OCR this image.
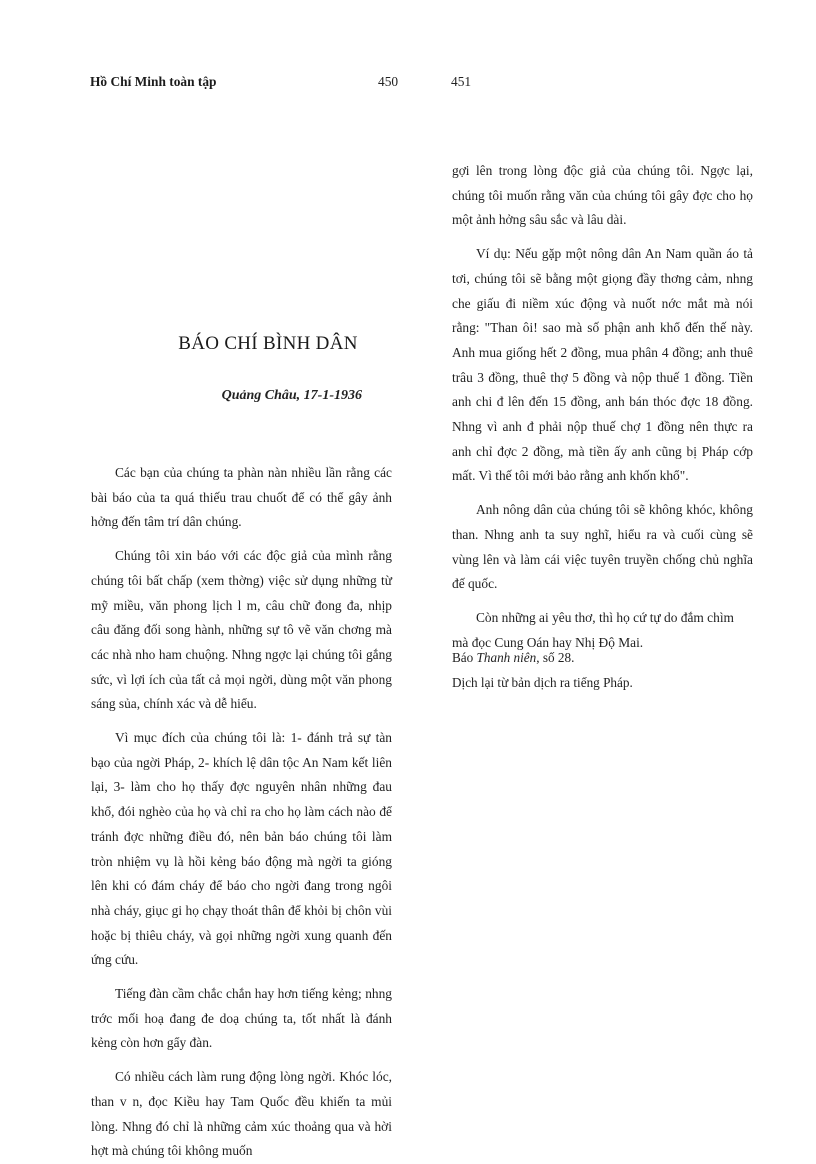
Hồ Chí Minh toàn tập	450	451
BÁO CHÍ BÌNH DÂN
Quảng Châu, 17-1-1936

Các bạn của chúng ta phàn nàn nhiều lần rằng các bài báo của ta quá thiếu trau chuốt để có thể gây ảnh hởng đến tâm trí dân chúng.

Chúng tôi xin báo với các độc giả của mình rằng chúng tôi bất chấp (xem thờng) việc sử dụng những từ mỹ miều, văn phong lịch l m, câu chữ đong đa, nhịp câu đăng đối song hành, những sự tô vẽ văn chơng mà các nhà nho ham chuộng. Nhng ngợc lại chúng tôi gắng sức, vì lợi ích của tất cả mọi ngời, dùng một văn phong sáng sủa, chính xác và dễ hiểu.

Vì mục đích của chúng tôi là: 1- đánh trả sự tàn bạo của ngời Pháp, 2- khích lệ dân tộc An Nam kết liên lại, 3- làm cho họ thấy đợc nguyên nhân những đau khổ, đói nghèo của họ và chỉ ra cho họ làm cách nào để tránh đợc những điều đó, nên bản báo chúng tôi làm tròn nhiệm vụ là hồi kẻng báo động mà ngời ta gióng lên khi có đám cháy để báo cho ngời đang trong ngôi nhà cháy, giục gi họ chạy thoát thân để khỏi bị chôn vùi hoặc bị thiêu cháy, và gọi những ngời xung quanh đến ứng cứu.

Tiếng đàn cầm chắc chắn hay hơn tiếng kẻng; nhng trớc mối hoạ đang đe doạ chúng ta, tốt nhất là đánh kẻng còn hơn gẩy đàn.

Có nhiều cách làm rung động lòng ngời. Khóc lóc, than v n, đọc Kiều hay Tam Quốc đều khiến ta mủi lòng. Nhng đó chỉ là những cảm xúc thoảng qua và hời hợt mà chúng tôi không muốn

gợi lên trong lòng độc giả của chúng tôi. Ngợc lại, chúng tôi muốn rằng văn của chúng tôi gây đợc cho họ một ảnh hởng sâu sắc và lâu dài.

Ví dụ: Nếu gặp một nông dân An Nam quần áo tả tơi, chúng tôi sẽ bằng một giọng đầy thơng cảm, nhng che giấu đi niềm xúc động và nuốt nớc mắt mà nói rằng: "Than ôi! sao mà số phận anh khổ đến thế này. Anh mua giống hết 2 đồng, mua phân 4 đồng; anh thuê trâu 3 đồng, thuê thợ 5 đồng và nộp thuế 1 đồng. Tiền anh chi đ lên đến 15 đồng, anh bán thóc đợc 18 đồng. Nhng vì anh đ phải nộp thuế chợ 1 đồng nên thực ra anh chỉ đợc 2 đồng, mà tiền ấy anh cũng bị Pháp cớp mất. Vì thế tôi mới bảo rằng anh khốn khổ".

Anh nông dân của chúng tôi sẽ không khóc, không than. Nhng anh ta suy nghĩ, hiểu ra và cuối cùng sẽ vùng lên và làm cái việc tuyên truyền chống chủ nghĩa đế quốc.

Còn những ai yêu thơ, thì họ cứ tự do đắm chìm mà đọc Cung Oán hay Nhị Độ Mai.

Báo Thanh niên, số 28.
Dịch lại từ bản dịch ra tiếng Pháp.
